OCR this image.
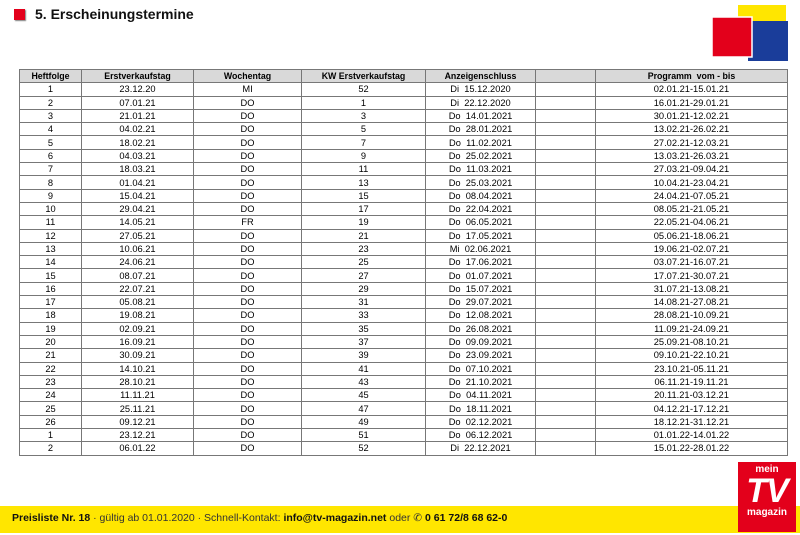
5. Erscheinungstermine
Heftfolge	Erstverkaufstag	Wochentag	KW Erstverkaufstag	Anzeigenschluss		Programm  vom - bis
1	23.12.20	MI	52	Di  15.12.2020		02.01.21-15.01.21
2	07.01.21	DO	1	Di  22.12.2020		16.01.21-29.01.21
3	21.01.21	DO	3	Do  14.01.2021		30.01.21-12.02.21
4	04.02.21	DO	5	Do  28.01.2021		13.02.21-26.02.21
5	18.02.21	DO	7	Do  11.02.2021		27.02.21-12.03.21
6	04.03.21	DO	9	Do  25.02.2021		13.03.21-26.03.21
7	18.03.21	DO	11	Do  11.03.2021		27.03.21-09.04.21
8	01.04.21	DO	13	Do  25.03.2021		10.04.21-23.04.21
9	15.04.21	DO	15	Do  08.04.2021		24.04.21-07.05.21
10	29.04.21	DO	17	Do  22.04.2021		08.05.21-21.05.21
11	14.05.21	FR	19	Do  06.05.2021		22.05.21-04.06.21
12	27.05.21	DO	21	Do  17.05.2021		05.06.21-18.06.21
13	10.06.21	DO	23	Mi  02.06.2021		19.06.21-02.07.21
14	24.06.21	DO	25	Do  17.06.2021		03.07.21-16.07.21
15	08.07.21	DO	27	Do  01.07.2021		17.07.21-30.07.21
16	22.07.21	DO	29	Do  15.07.2021		31.07.21-13.08.21
17	05.08.21	DO	31	Do  29.07.2021		14.08.21-27.08.21
18	19.08.21	DO	33	Do  12.08.2021		28.08.21-10.09.21
19	02.09.21	DO	35	Do  26.08.2021		11.09.21-24.09.21
20	16.09.21	DO	37	Do  09.09.2021		25.09.21-08.10.21
21	30.09.21	DO	39	Do  23.09.2021		09.10.21-22.10.21
22	14.10.21	DO	41	Do  07.10.2021		23.10.21-05.11.21
23	28.10.21	DO	43	Do  21.10.2021		06.11.21-19.11.21
24	11.11.21	DO	45	Do  04.11.2021		20.11.21-03.12.21
25	25.11.21	DO	47	Do  18.11.2021		04.12.21-17.12.21
26	09.12.21	DO	49	Do  02.12.2021		18.12.21-31.12.21
1	23.12.21	DO	51	Do  06.12.2021		01.01.22-14.01.22
2	06.01.22	DO	52	Di  22.12.2021		15.01.22-28.01.22
Preisliste Nr. 18 · gültig ab 01.01.2020 · Schnell-Kontakt: info@tv-magazin.net oder ✆ 0 61 72/8 68 62-0
mein
TV
magazin
